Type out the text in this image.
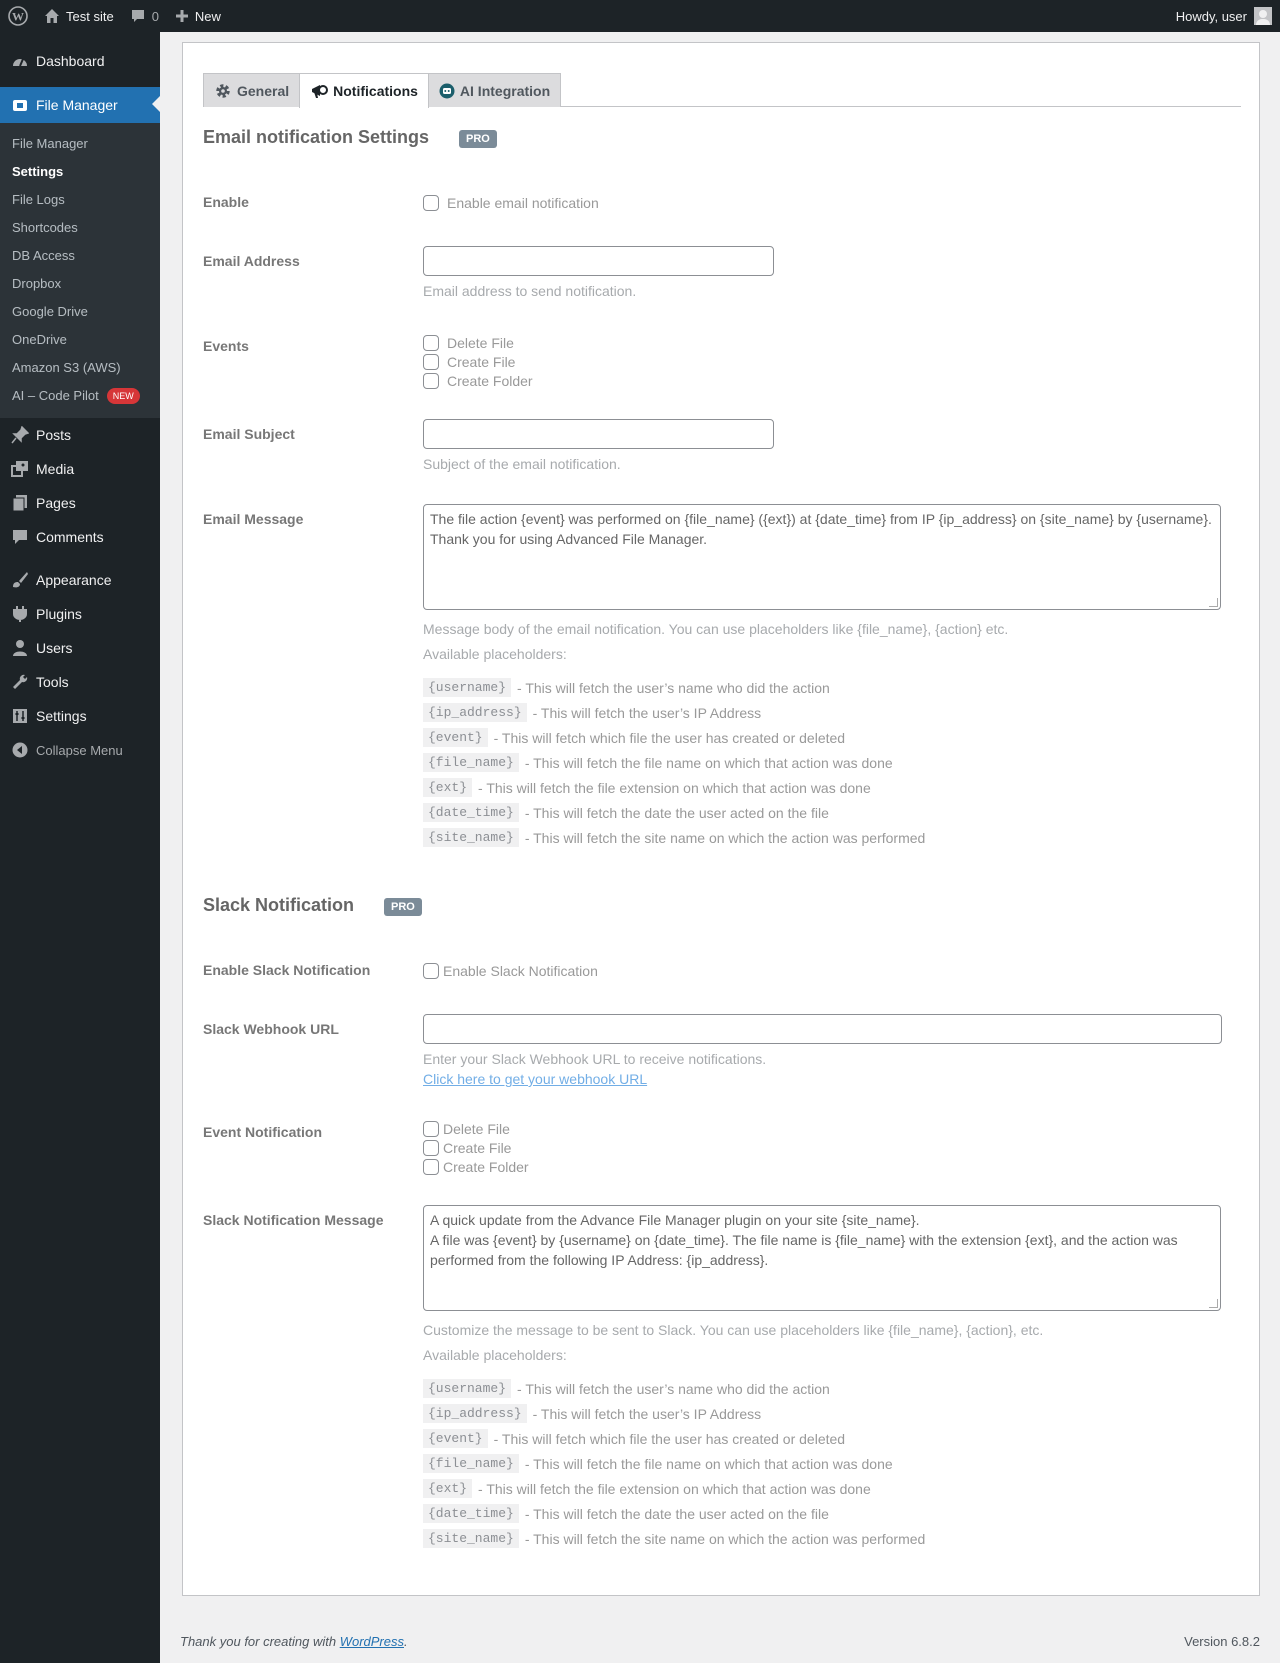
W	Test site	0	New	Howdy, user
Dashboard
File Manager
File Manager
Settings
File Logs
Shortcodes
DB Access
Dropbox
Google Drive
OneDrive
Amazon S3 (AWS)
AI – Code Pilot	NEW
Posts
Media
Pages
Comments
Appearance
Plugins
Users
Tools
Settings
Collapse Menu
General	Notifications	AI Integration
Email notification Settings	PRO
Enable	Enable email notification
Email Address
Email address to send notification.
Events	Delete File
Create File
Create Folder
Email Subject
Subject of the email notification.
Email Message	The file action {event} was performed on {file_name} ({ext}) at {date_time} from IP {ip_address} on {site_name} by {username}.
Thank you for using Advanced File Manager.
Message body of the email notification. You can use placeholders like {file_name}, {action} etc.
Available placeholders:
{username} - This will fetch the user’s name who did the action
{ip_address} - This will fetch the user’s IP Address
{event} - This will fetch which file the user has created or deleted
{file_name} - This will fetch the file name on which that action was done
{ext} - This will fetch the file extension on which that action was done
{date_time} - This will fetch the date the user acted on the file
{site_name} - This will fetch the site name on which the action was performed
Slack Notification	PRO
Enable Slack Notification	Enable Slack Notification
Slack Webhook URL
Enter your Slack Webhook URL to receive notifications.
Click here to get your webhook URL
Event Notification	Delete File
Create File
Create Folder
Slack Notification Message	A quick update from the Advance File Manager plugin on your site {site_name}.
A file was {event} by {username} on {date_time}. The file name is {file_name} with the extension {ext}, and the action was performed from the following IP Address: {ip_address}.
Customize the message to be sent to Slack. You can use placeholders like {file_name}, {action}, etc.
Available placeholders:
{username} - This will fetch the user’s name who did the action
{ip_address} - This will fetch the user’s IP Address
{event} - This will fetch which file the user has created or deleted
{file_name} - This will fetch the file name on which that action was done
{ext} - This will fetch the file extension on which that action was done
{date_time} - This will fetch the date the user acted on the file
{site_name} - This will fetch the site name on which the action was performed
Thank you for creating with WordPress.	Version 6.8.2
